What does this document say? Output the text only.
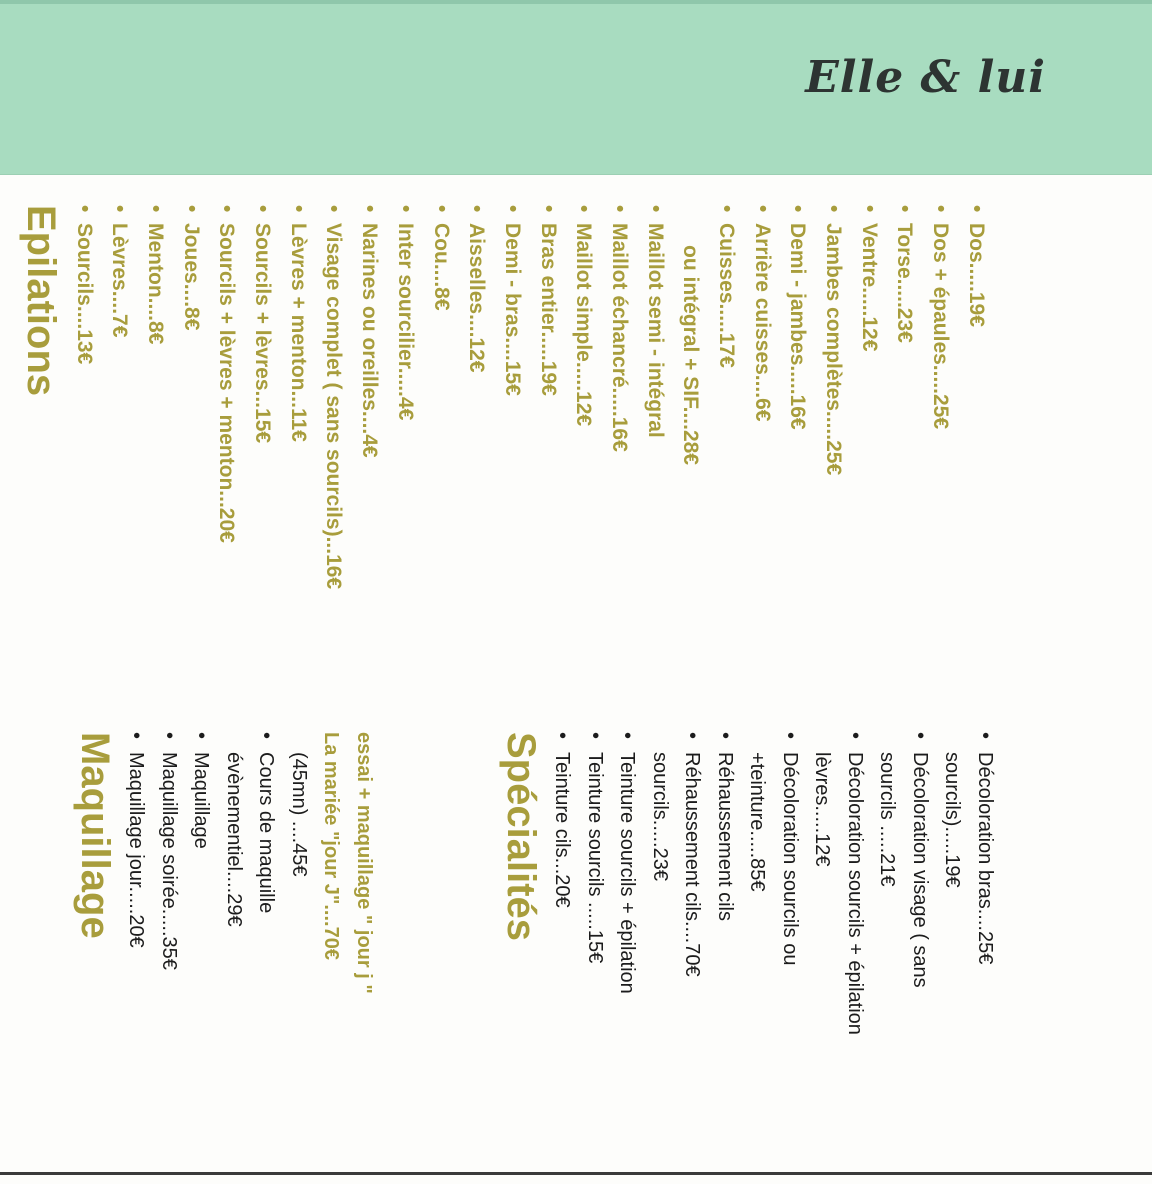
Elle & lui
Epilations •Sourcils....13€
•Lèvres....7€
•Menton....8€
•Joues....8€
•Sourcils + lèvres + menton...20€
•Sourcils + lèvres...15€
•Lèvres + menton...11€
•Visage complet ( sans sourcils)...16€
•Narines ou oreilles....4€
•Inter sourcilier.....4€
•Cou....8€
•Aisselles....12€
•Demi - bras....15€
•Bras entier.....19€
•Maillot simple.....12€
•Maillot échancré.....16€
•Maillot semi - intégral ou intégral + SIF....28€
•Cuisses.....17€
•Arrière cuisses....6€
•Demi - jambes.....16€
•Jambes complètes.....25€
•Ventre.....12€
•Torse.....23€
•Dos + épaules.....25€
•Dos.....19€
Spécialités •Teinture cils...20€
•Teinture sourcils .....15€
•Teinture sourcils + épilation sourcils.....23€
•Réhaussement cils....70€
•Réhaussement cils +teinture.....85€
•Décoloration sourcils ou lèvres.....12€
•Décoloration sourcils + épilation sourcils .....21€
•Décoloration visage ( sans sourcils).....19€
•Décoloration bras....25€
Maquillage •Maquillage jour.....20€
•Maquillage soirée.....35€
•Maquillage évènementiel....29€
•Cours de maquille (45mn) ....45€ La mariée "jour J"....70€ essai + maquillage " jour j "
